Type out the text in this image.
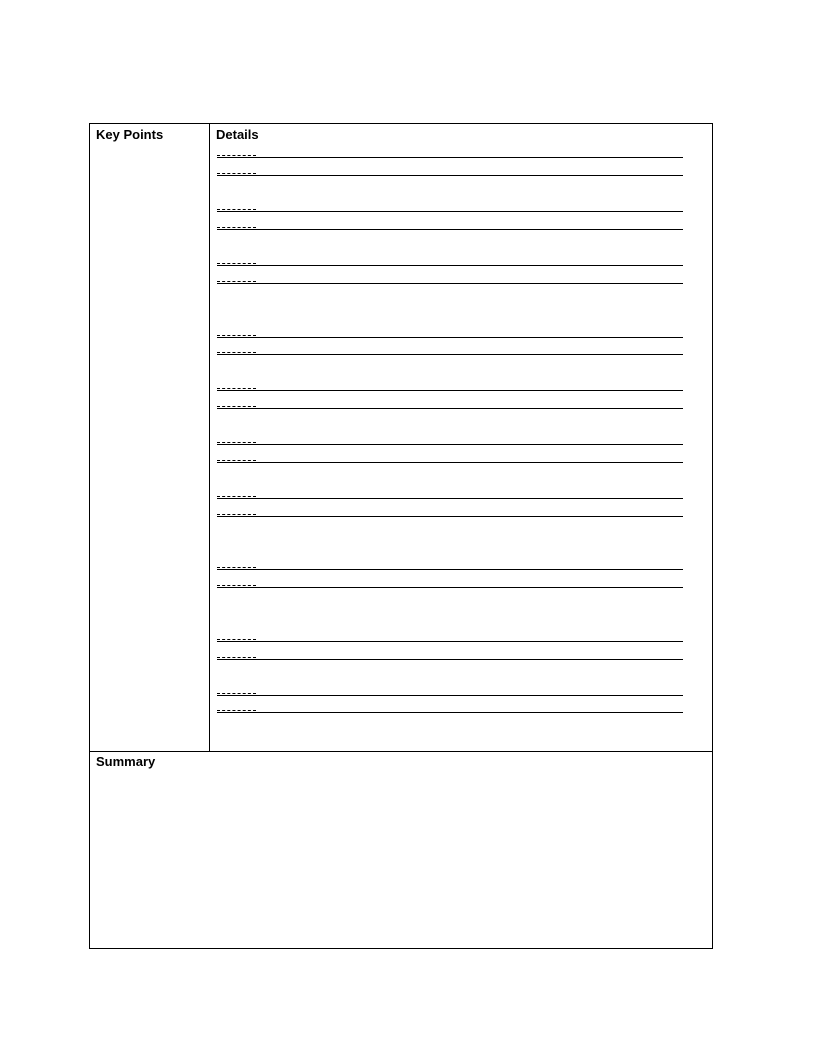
Key Points	Details
Summary
